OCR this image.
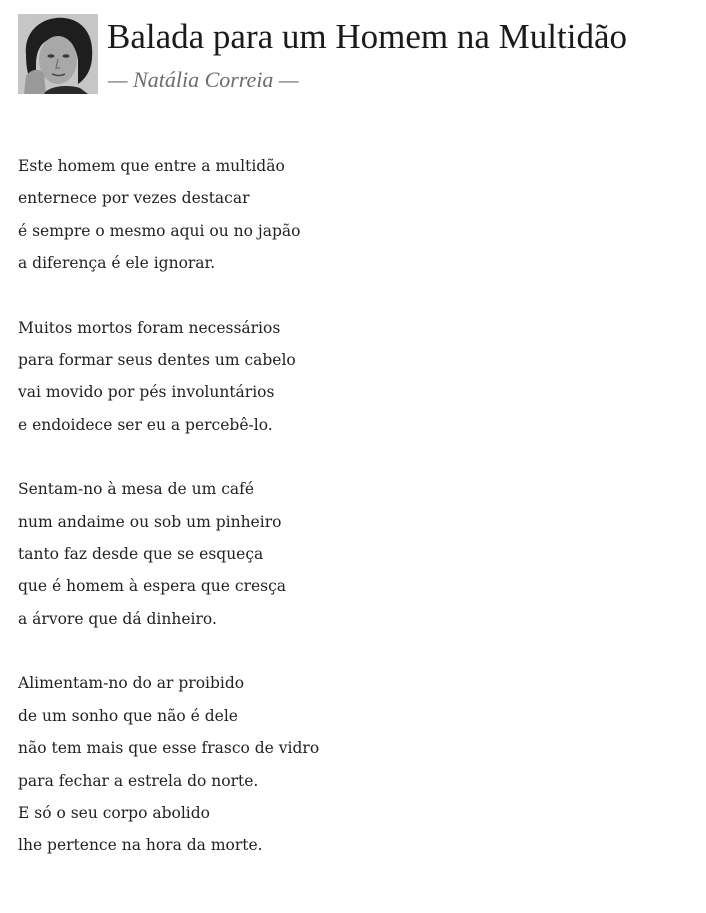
Balada para um Homem na Multidão
— Natália Correia —
Este homem que entre a multidão
enternece por vezes destacar
é sempre o mesmo aqui ou no japão
a diferença é ele ignorar.
Muitos mortos foram necessários
para formar seus dentes um cabelo
vai movido por pés involuntários
e endoidece ser eu a percebê-lo.
Sentam-no à mesa de um café
num andaime ou sob um pinheiro
tanto faz desde que se esqueça
que é homem à espera que cresça
a árvore que dá dinheiro.
Alimentam-no do ar proibido
de um sonho que não é dele
não tem mais que esse frasco de vidro
para fechar a estrela do norte.
E só o seu corpo abolido
lhe pertence na hora da morte.
